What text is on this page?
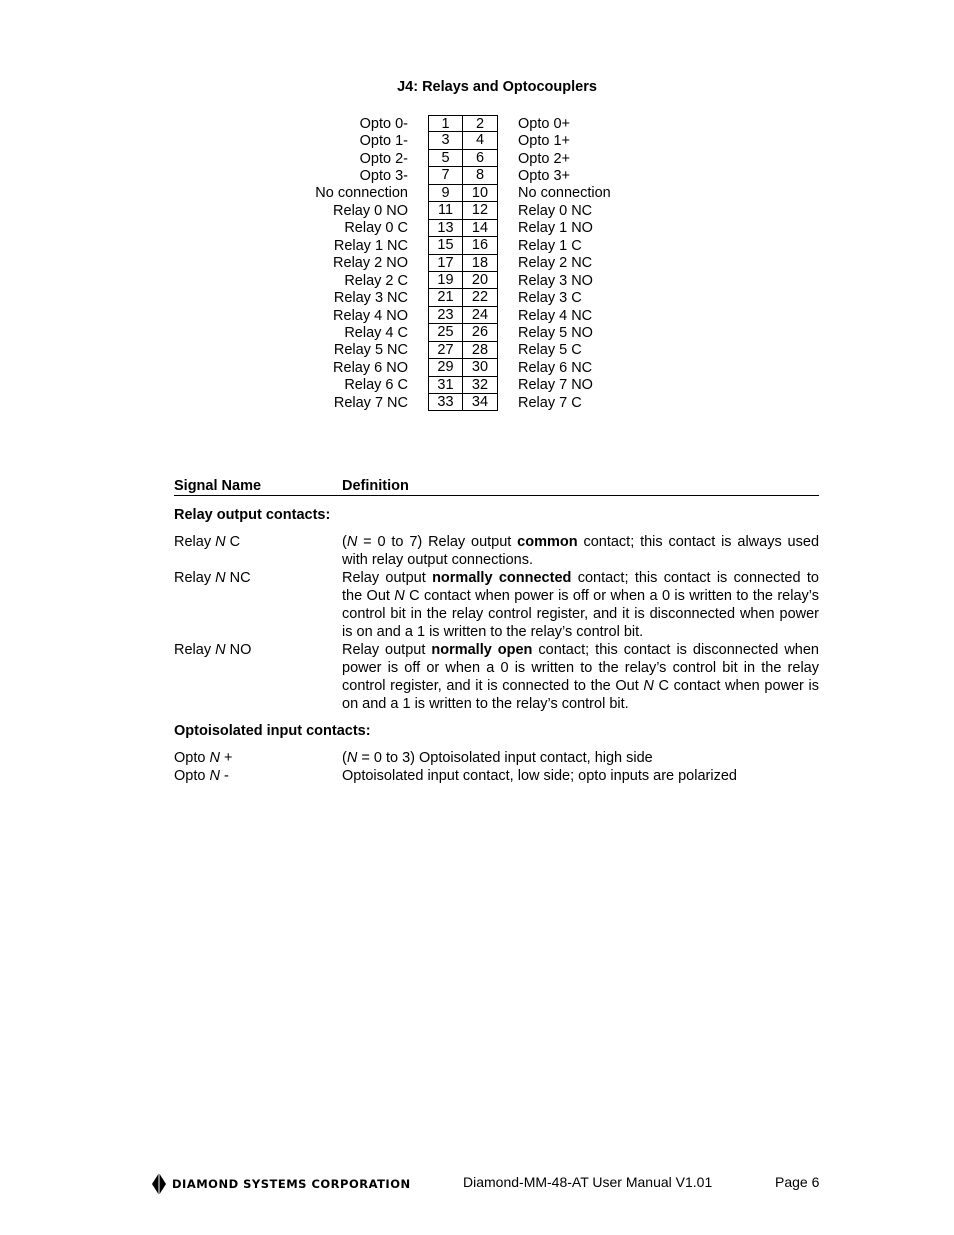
J4: Relays and Optocouplers
Opto 0-	1	2	Opto 0+
Opto 1-	3	4	Opto 1+
Opto 2-	5	6	Opto 2+
Opto 3-	7	8	Opto 3+
No connection	9	10	No connection
Relay 0 NO	11	12	Relay 0 NC
Relay 0 C	13	14	Relay 1 NO
Relay 1 NC	15	16	Relay 1 C
Relay 2 NO	17	18	Relay 2 NC
Relay 2 C	19	20	Relay 3 NO
Relay 3 NC	21	22	Relay 3 C
Relay 4 NO	23	24	Relay 4 NC
Relay 4 C	25	26	Relay 5 NO
Relay 5 NC	27	28	Relay 5 C
Relay 6 NO	29	30	Relay 6 NC
Relay 6 C	31	32	Relay 7 NO
Relay 7 NC	33	34	Relay 7 C
Signal Name	Definition
Relay output contacts:
Relay N C	(N = 0 to 7) Relay output common contact; this contact is always used with relay output connections.
Relay N NC	Relay output normally connected contact; this contact is connected to the Out N C contact when power is off or when a 0 is written to the relay’s control bit in the relay control register, and it is disconnected when power is on and a 1 is written to the relay’s control bit.
Relay N NO	Relay output normally open contact; this contact is disconnected when power is off or when a 0 is written to the relay’s control bit in the relay control register, and it is connected to the Out N C contact when power is on and a 1 is written to the relay’s control bit.
Optoisolated input contacts:
Opto N +	(N = 0 to 3) Optoisolated input contact, high side
Opto N -	Optoisolated input contact, low side; opto inputs are polarized
DIAMOND SYSTEMS CORPORATION	Diamond-MM-48-AT User Manual V1.01	Page 6
